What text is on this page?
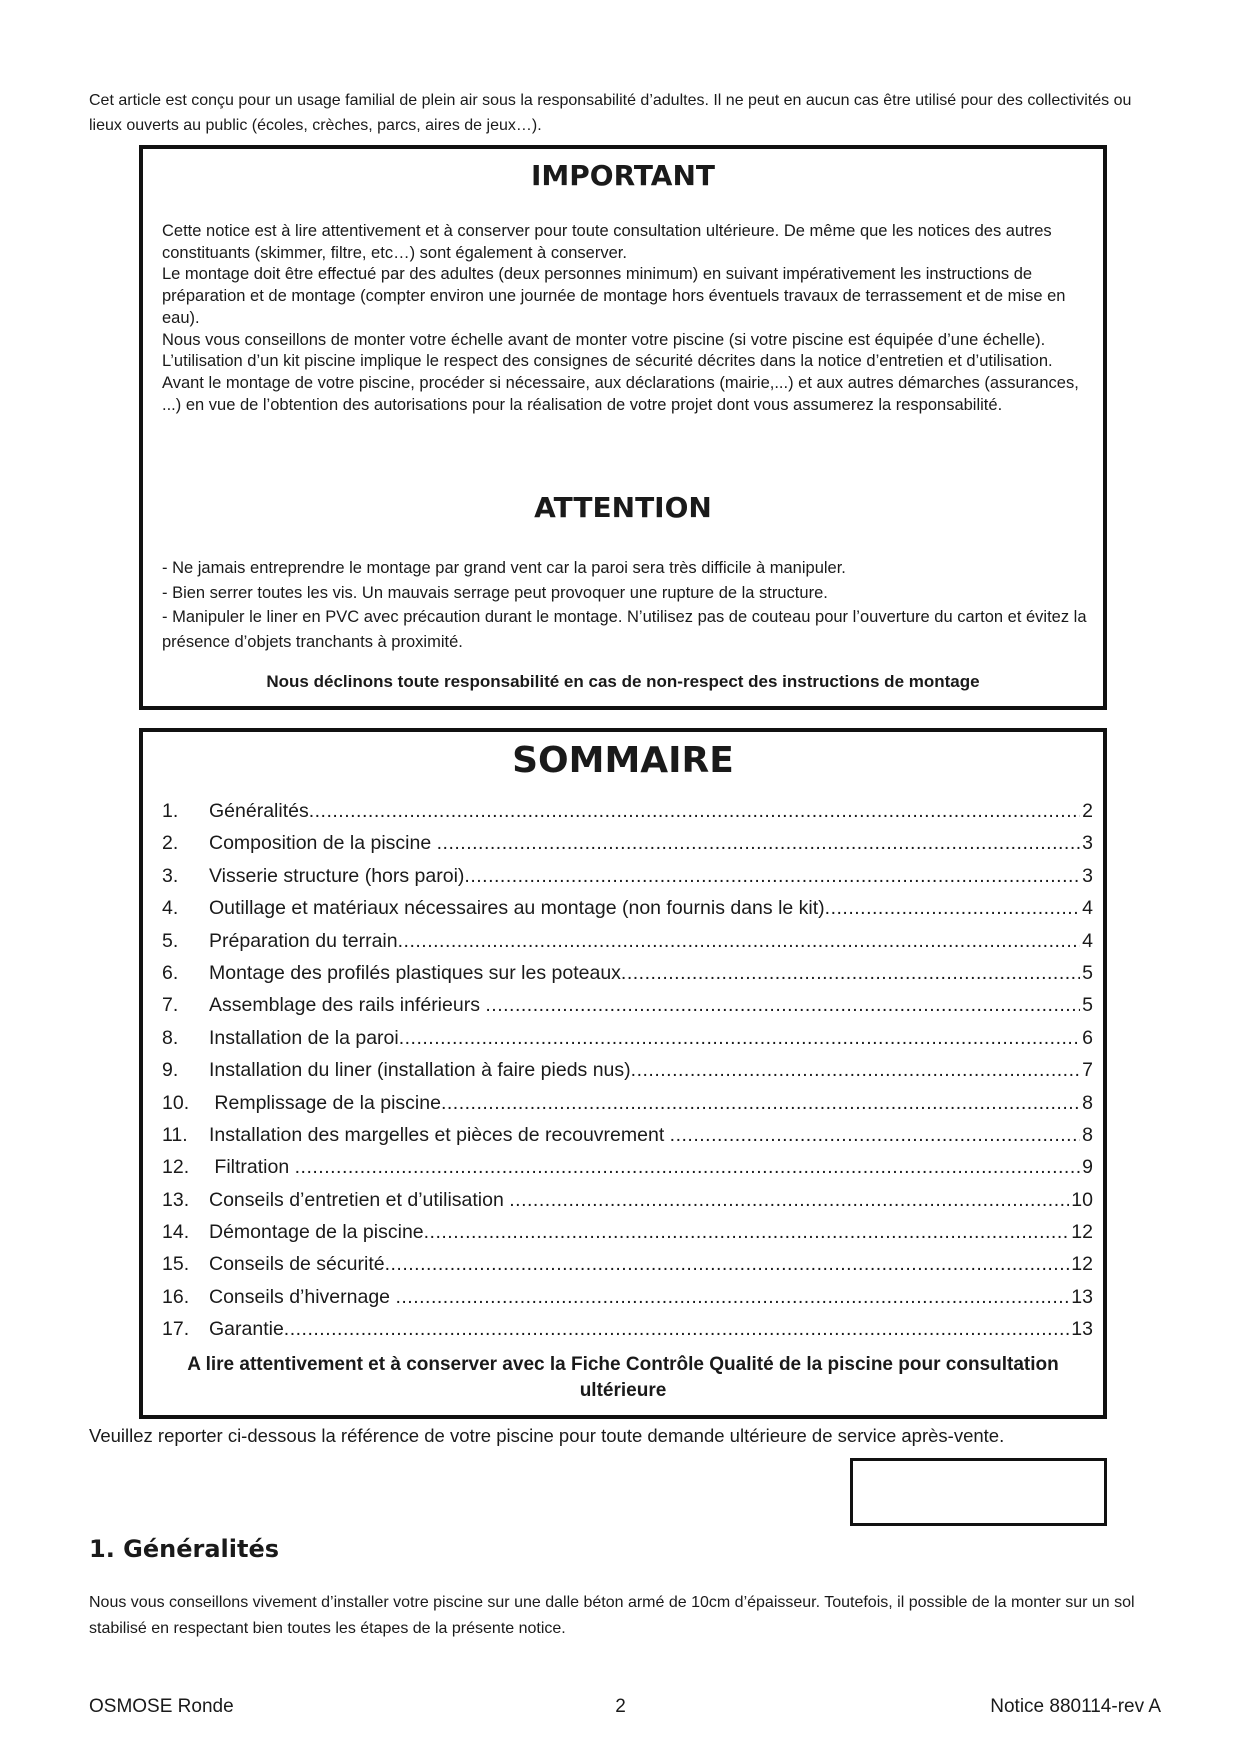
Cet article est conçu pour un usage familial de plein air sous la responsabilité d’adultes. Il ne peut en aucun cas être utilisé pour des collectivités ou lieux ouverts au public (écoles, crèches, parcs, aires de jeux…).

IMPORTANT

Cette notice est à lire attentivement et à conserver pour toute consultation ultérieure. De même que les notices des autres constituants (skimmer, filtre, etc…) sont également à conserver.

Le montage doit être effectué par des adultes (deux personnes minimum) en suivant impérativement les instructions de préparation et de montage (compter environ une journée de montage hors éventuels travaux de terrassement et de mise en eau).

Nous vous conseillons de monter votre échelle avant de monter votre piscine (si votre piscine est équipée d’une échelle). L’utilisation d’un kit piscine implique le respect des consignes de sécurité décrites dans la notice d’entretien et d’utilisation.

Avant le montage de votre piscine, procéder si nécessaire, aux déclarations (mairie,...) et aux autres démarches (assurances, ...) en vue de l’obtention des autorisations pour la réalisation de votre projet dont vous assumerez la responsabilité.

ATTENTION

- Ne jamais entreprendre le montage par grand vent car la paroi sera très difficile à manipuler.

- Bien serrer toutes les vis. Un mauvais serrage peut provoquer une rupture de la structure.

- Manipuler le liner en PVC avec précaution durant le montage. N’utilisez pas de couteau pour l’ouverture du carton et évitez la présence d’objets tranchants à proximité.

Nous déclinons toute responsabilité en cas de non-respect des instructions de montage

SOMMAIRE
1.	Généralités .....	2
2.	Composition de la piscine .....	3
3.	Visserie structure (hors paroi) .....	3
4.	Outillage et matériaux nécessaires au montage (non fournis dans le kit) .....	4
5.	Préparation du terrain .....	4
6.	Montage des profilés plastiques sur les poteaux .....	5
7.	Assemblage des rails inférieurs .....	5
8.	Installation de la paroi .....	6
9.	Installation du liner (installation à faire pieds nus) .....	7
10.	Remplissage de la piscine .....	8
11.	Installation des margelles et pièces de recouvrement .....	8
12.	Filtration .....	9
13.	Conseils d’entretien et d’utilisation .....	10
14.	Démontage de la piscine .....	12
15.	Conseils de sécurité .....	12
16.	Conseils d’hivernage .....	13
17.	Garantie .....	13

A lire attentivement et à conserver avec la Fiche Contrôle Qualité de la piscine pour consultation ultérieure

Veuillez reporter ci-dessous la référence de votre piscine pour toute demande ultérieure de service après-vente.

1. Généralités

Nous vous conseillons vivement d’installer votre piscine sur une dalle béton armé de 10cm d’épaisseur. Toutefois, il possible de la monter sur un sol stabilisé en respectant bien toutes les étapes de la présente notice.

OSMOSE Ronde	2	Notice 880114-rev A
